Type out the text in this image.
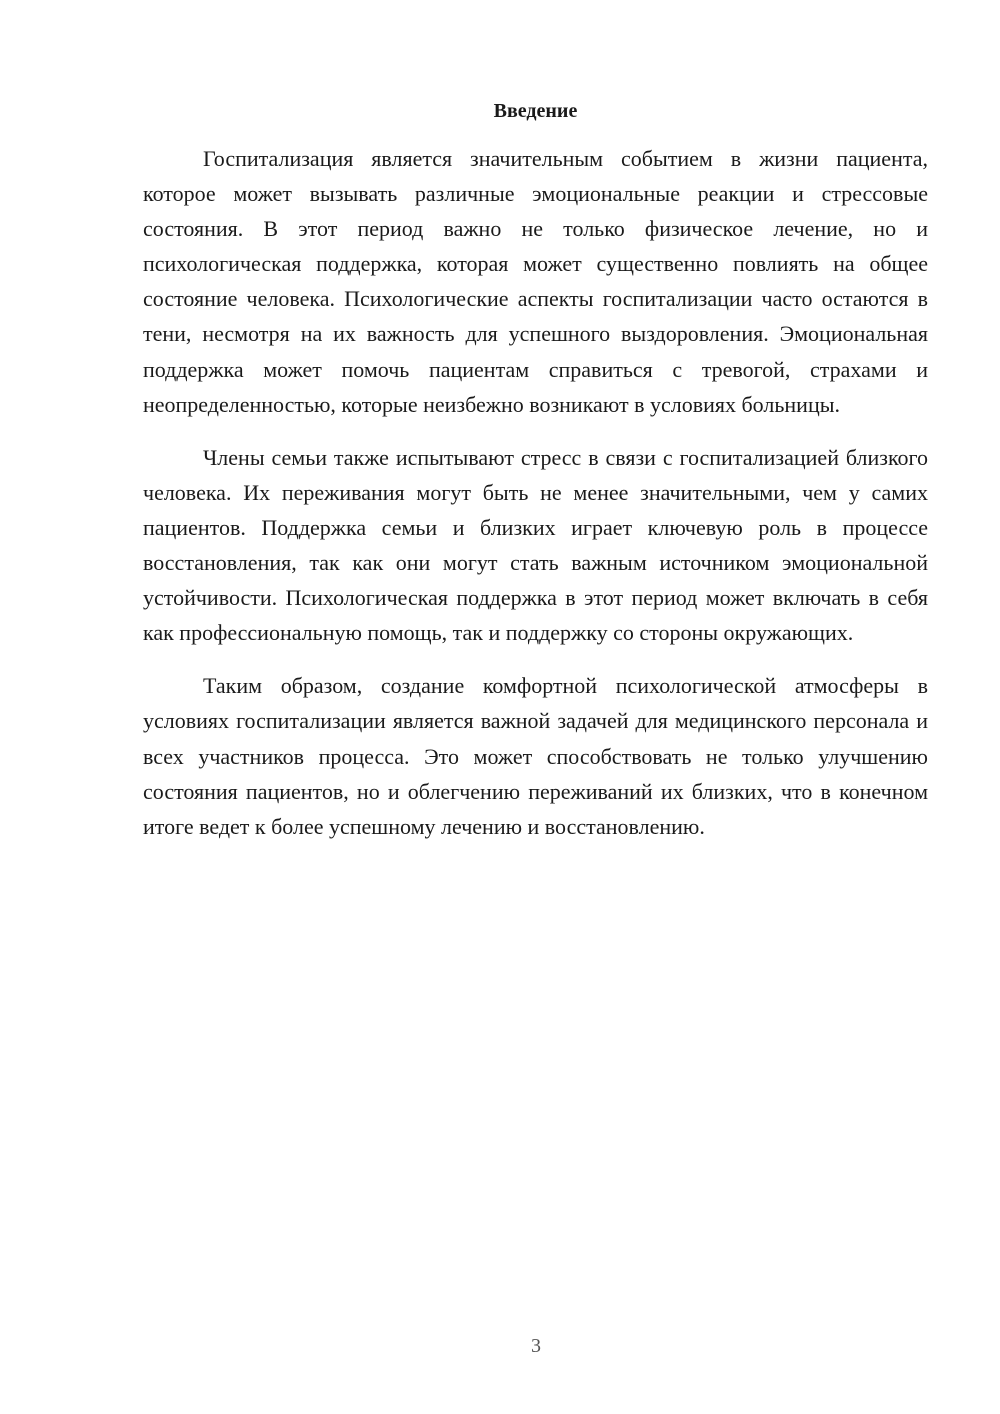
Введение

Госпитализация является значительным событием в жизни пациента, которое может вызывать различные эмоциональные реакции и стрессовые состояния. В этот период важно не только физическое лечение, но и психологическая поддержка, которая может существенно повлиять на общее состояние человека. Психологические аспекты госпитализации часто остаются в тени, несмотря на их важность для успешного выздоровления. Эмоциональная поддержка может помочь пациентам справиться с тревогой, страхами и неопределенностью, которые неизбежно возникают в условиях больницы.

Члены семьи также испытывают стресс в связи с госпитализацией близкого человека. Их переживания могут быть не менее значительными, чем у самих пациентов. Поддержка семьи и близких играет ключевую роль в процессе восстановления, так как они могут стать важным источником эмоциональной устойчивости. Психологическая поддержка в этот период может включать в себя как профессиональную помощь, так и поддержку со стороны окружающих.

Таким образом, создание комфортной психологической атмосферы в условиях госпитализации является важной задачей для медицинского персонала и всех участников процесса. Это может способствовать не только улучшению состояния пациентов, но и облегчению переживаний их близких, что в конечном итоге ведет к более успешному лечению и восстановлению.

3
